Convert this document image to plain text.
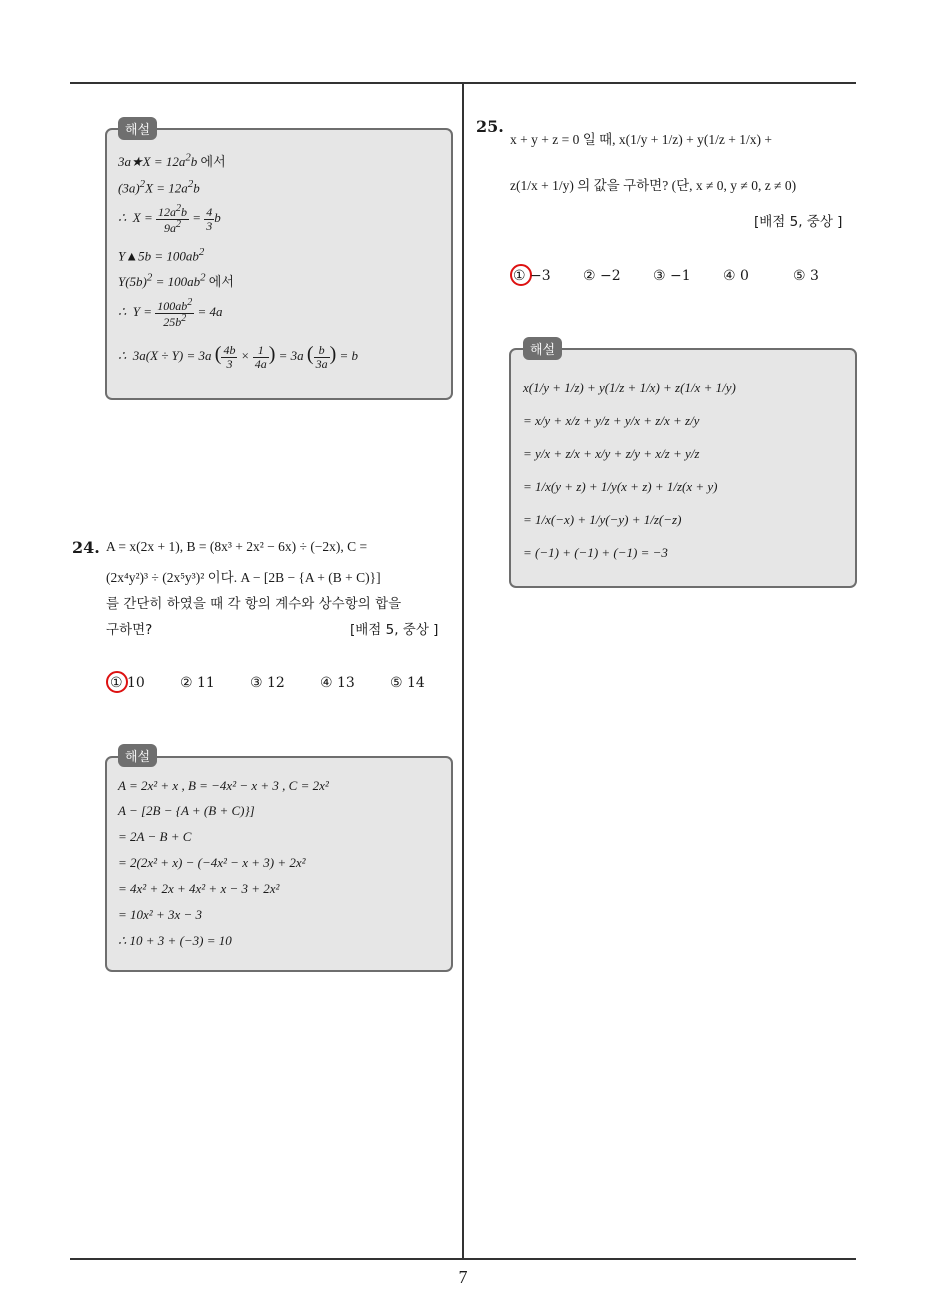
해설
3a★X = $12a^2b$ 에서
$(3a)^2X = 12a^2b$
∴  $X = \frac{12a^2b}{9a^2} = \frac{4}{3}$ b
Y▲5b = $100ab^2$
$Y(5b)^2 = 100ab^2$ 에서
∴  $Y = \frac{100ab^2}{25b^2} = 4a$
∴  3a(X ÷ Y) = 3a ( $\frac{4b}{3} \times \frac{1}{4a}$ ) = 3a ( $\frac{b}{3a}$ ) = b
24. A = x(2x + 1), B = (8x³ + 2x² − 6x) ÷ (−2x), C =
(2x⁴y²)³ ÷ (2x⁵y³)² 이다. A − [2B − {A + (B + C)}]
를 간단히 하였을 때 각 항의 계수와 상수항의 합을
구하면?	[배점 5, 중상 ]
① 10	② 11	③ 12	④ 13	⑤ 14
해설
A = 2x² + x , B = −4x² − x + 3 , C = 2x²
A − [2B − {A + (B + C)}]
= 2A − B + C
= 2(2x² + x) − (−4x² − x + 3) + 2x²
= 4x² + 2x + 4x² + x − 3 + 2x²
= 10x² + 3x − 3
∴ 10 + 3 + (−3) = 10
25.
x + y + z = 0 일 때, x(1/y + 1/z) + y(1/z + 1/x) +
z(1/x + 1/y) 의 값을 구하면? (단, x ≠ 0, y ≠ 0, z ≠ 0)
[배점 5, 중상 ]
① −3 ② −2 ③ −1 ④ 0	⑤ 3
해설
x(1/y + 1/z) + y(1/z + 1/x) + z(1/x + 1/y)
= x/y + x/z + y/z + y/x + z/x + z/y
= y/x + z/x + x/y + z/y + x/z + y/z
= 1/x(y + z) + 1/y(x + z) + 1/z(x + y)
= 1/x(−x) + 1/y(−y) + 1/z(−z)
= (−1) + (−1) + (−1) = −3
7
